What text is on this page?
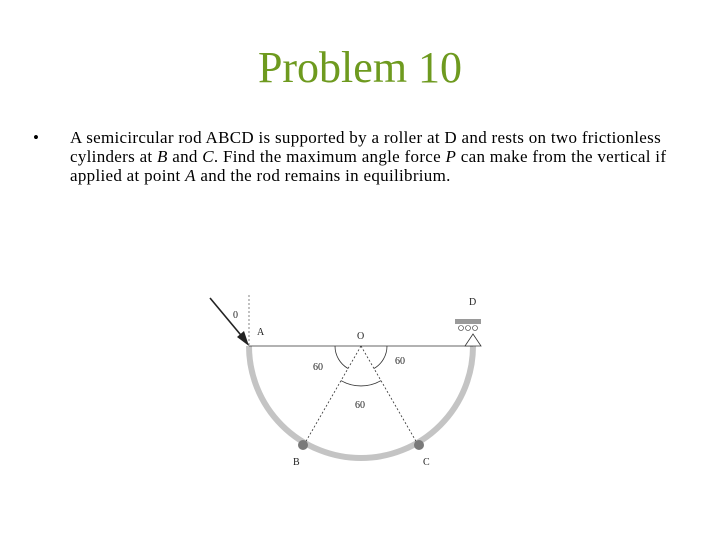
Problem 10
• A semicircular rod ABCD is supported by a roller at D and rests on two frictionless cylinders at B and C. Find the maximum angle force P can make from the vertical if applied at point A and the rod remains in equilibrium.
0
A	O
D
B	C
60
60
60
